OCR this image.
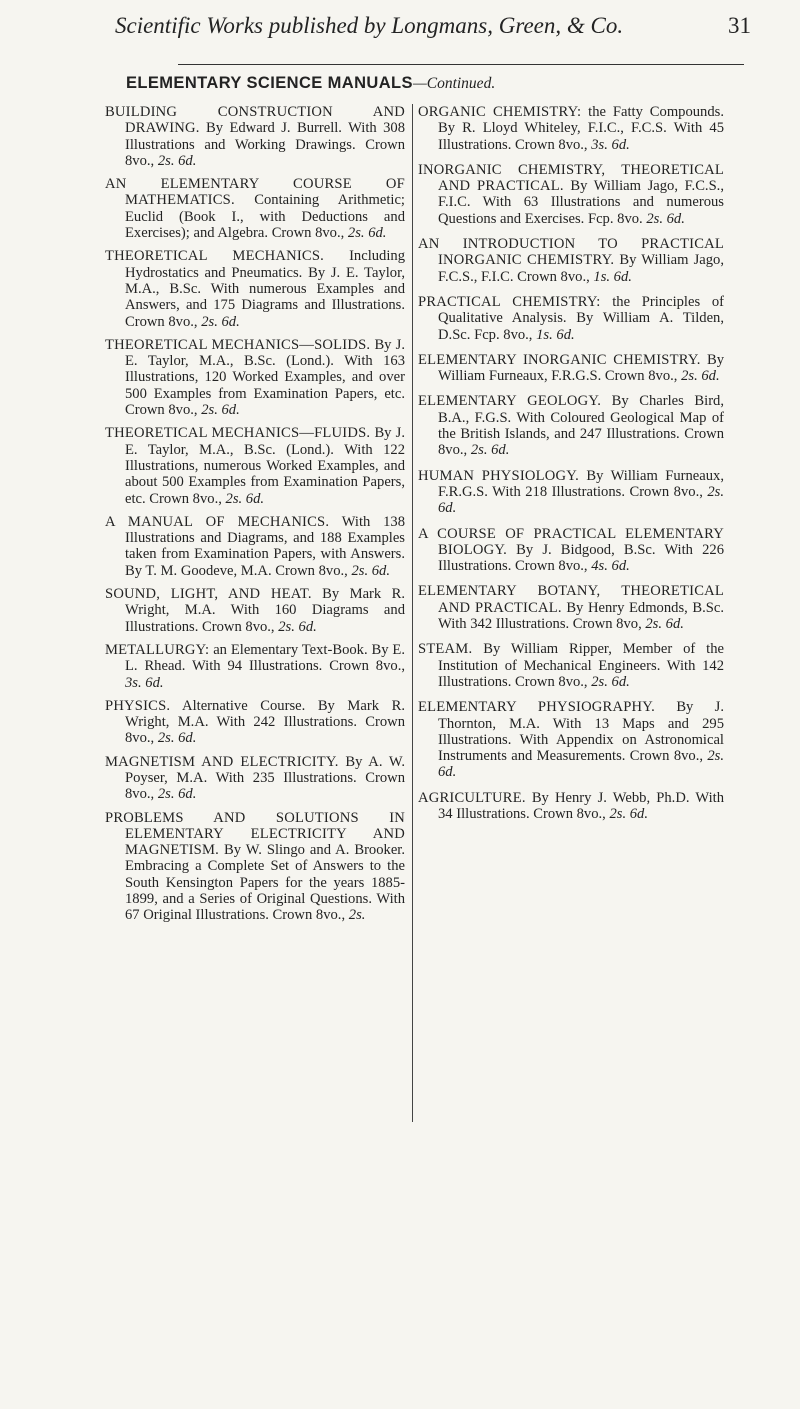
Scientific Works published by Longmans, Green, & Co.	31
ELEMENTARY SCIENCE MANUALS—Continued.
BUILDING CONSTRUCTION AND DRAWING. By Edward J. Burrell. With 308 Illustrations and Working Drawings. Crown 8vo., 2s. 6d.
AN ELEMENTARY COURSE OF MATHEMATICS. Containing Arithmetic; Euclid (Book I., with Deductions and Exercises); and Algebra. Crown 8vo., 2s. 6d.
THEORETICAL MECHANICS. Including Hydrostatics and Pneumatics. By J. E. Taylor, M.A., B.Sc. With numerous Examples and Answers, and 175 Diagrams and Illustrations. Crown 8vo., 2s. 6d.
THEORETICAL MECHANICS—SOLIDS. By J. E. Taylor, M.A., B.Sc. (Lond.). With 163 Illustrations, 120 Worked Examples, and over 500 Examples from Examination Papers, etc. Crown 8vo., 2s. 6d.
THEORETICAL MECHANICS—FLUIDS. By J. E. Taylor, M.A., B.Sc. (Lond.). With 122 Illustrations, numerous Worked Examples, and about 500 Examples from Examination Papers, etc. Crown 8vo., 2s. 6d.
A MANUAL OF MECHANICS. With 138 Illustrations and Diagrams, and 188 Examples taken from Examination Papers, with Answers. By T. M. Goodeve, M.A. Crown 8vo., 2s. 6d.
SOUND, LIGHT, AND HEAT. By Mark R. Wright, M.A. With 160 Diagrams and Illustrations. Crown 8vo., 2s. 6d.
METALLURGY: an Elementary Text-Book. By E. L. Rhead. With 94 Illustrations. Crown 8vo., 3s. 6d.
PHYSICS. Alternative Course. By Mark R. Wright, M.A. With 242 Illustrations. Crown 8vo., 2s. 6d.
MAGNETISM AND ELECTRICITY. By A. W. Poyser, M.A. With 235 Illustrations. Crown 8vo., 2s. 6d.
PROBLEMS AND SOLUTIONS IN ELEMENTARY ELECTRICITY AND MAGNETISM. By W. Slingo and A. Brooker. Embracing a Complete Set of Answers to the South Kensington Papers for the years 1885-1899, and a Series of Original Questions. With 67 Original Illustrations. Crown 8vo., 2s.
ORGANIC CHEMISTRY: the Fatty Compounds. By R. Lloyd Whiteley, F.I.C., F.C.S. With 45 Illustrations. Crown 8vo., 3s. 6d.
INORGANIC CHEMISTRY, THEORETICAL AND PRACTICAL. By William Jago, F.C.S., F.I.C. With 63 Illustrations and numerous Questions and Exercises. Fcp. 8vo. 2s. 6d.
AN INTRODUCTION TO PRACTICAL INORGANIC CHEMISTRY. By William Jago, F.C.S., F.I.C. Crown 8vo., 1s. 6d.
PRACTICAL CHEMISTRY: the Principles of Qualitative Analysis. By William A. Tilden, D.Sc. Fcp. 8vo., 1s. 6d.
ELEMENTARY INORGANIC CHEMISTRY. By William Furneaux, F.R.G.S. Crown 8vo., 2s. 6d.
ELEMENTARY GEOLOGY. By Charles Bird, B.A., F.G.S. With Coloured Geological Map of the British Islands, and 247 Illustrations. Crown 8vo., 2s. 6d.
HUMAN PHYSIOLOGY. By William Furneaux, F.R.G.S. With 218 Illustrations. Crown 8vo., 2s. 6d.
A COURSE OF PRACTICAL ELEMENTARY BIOLOGY. By J. Bidgood, B.Sc. With 226 Illustrations. Crown 8vo., 4s. 6d.
ELEMENTARY BOTANY, THEORETICAL AND PRACTICAL. By Henry Edmonds, B.Sc. With 342 Illustrations. Crown 8vo, 2s. 6d.
STEAM. By William Ripper, Member of the Institution of Mechanical Engineers. With 142 Illustrations. Crown 8vo., 2s. 6d.
ELEMENTARY PHYSIOGRAPHY. By J. Thornton, M.A. With 13 Maps and 295 Illustrations. With Appendix on Astronomical Instruments and Measurements. Crown 8vo., 2s. 6d.
AGRICULTURE. By Henry J. Webb, Ph.D. With 34 Illustrations. Crown 8vo., 2s. 6d.
